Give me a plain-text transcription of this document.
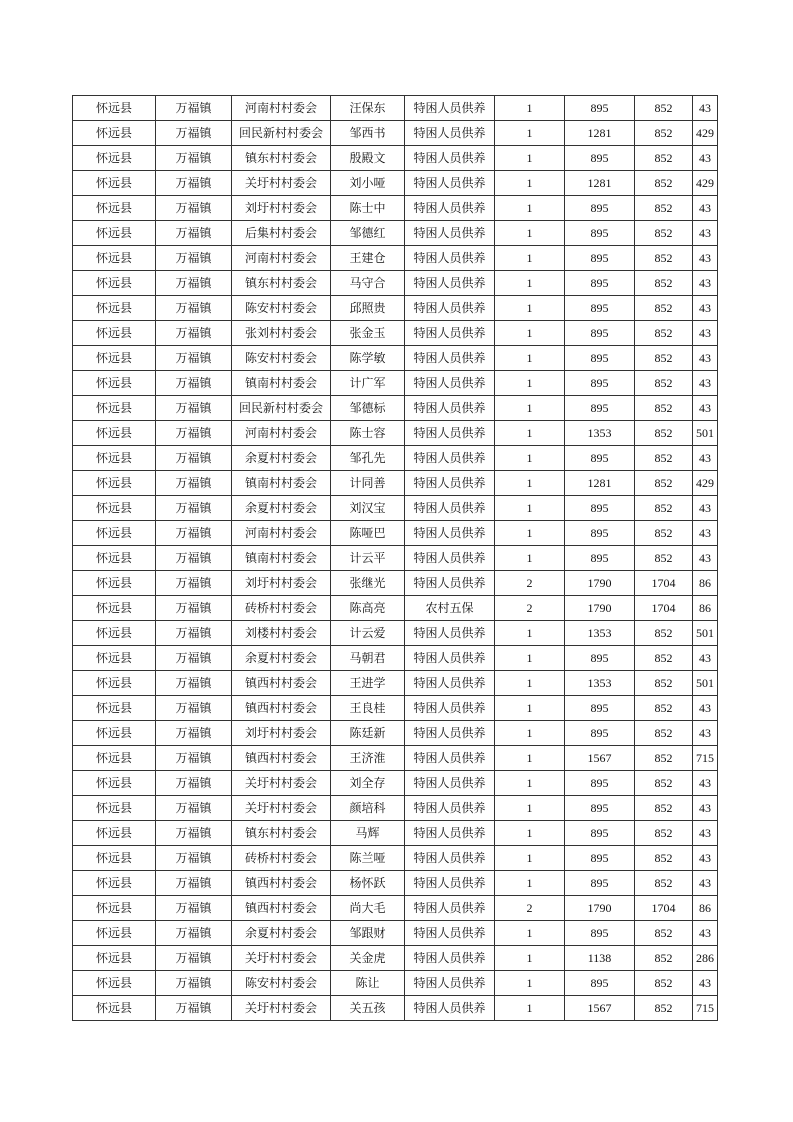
怀远县	万福镇	河南村村委会	汪保东	特困人员供养	1	895	852	43
怀远县	万福镇	回民新村村委会	邹西书	特困人员供养	1	1281	852	429
怀远县	万福镇	镇东村村委会	殷殿文	特困人员供养	1	895	852	43
怀远县	万福镇	关圩村村委会	刘小哑	特困人员供养	1	1281	852	429
怀远县	万福镇	刘圩村村委会	陈士中	特困人员供养	1	895	852	43
怀远县	万福镇	后集村村委会	邹德红	特困人员供养	1	895	852	43
怀远县	万福镇	河南村村委会	王建仓	特困人员供养	1	895	852	43
怀远县	万福镇	镇东村村委会	马守合	特困人员供养	1	895	852	43
怀远县	万福镇	陈安村村委会	邱照贵	特困人员供养	1	895	852	43
怀远县	万福镇	张刘村村委会	张金玉	特困人员供养	1	895	852	43
怀远县	万福镇	陈安村村委会	陈学敏	特困人员供养	1	895	852	43
怀远县	万福镇	镇南村村委会	计广军	特困人员供养	1	895	852	43
怀远县	万福镇	回民新村村委会	邹德标	特困人员供养	1	895	852	43
怀远县	万福镇	河南村村委会	陈士容	特困人员供养	1	1353	852	501
怀远县	万福镇	余夏村村委会	邹孔先	特困人员供养	1	895	852	43
怀远县	万福镇	镇南村村委会	计同善	特困人员供养	1	1281	852	429
怀远县	万福镇	余夏村村委会	刘汉宝	特困人员供养	1	895	852	43
怀远县	万福镇	河南村村委会	陈哑巴	特困人员供养	1	895	852	43
怀远县	万福镇	镇南村村委会	计云平	特困人员供养	1	895	852	43
怀远县	万福镇	刘圩村村委会	张继光	特困人员供养	2	1790	1704	86
怀远县	万福镇	砖桥村村委会	陈高亮	农村五保	2	1790	1704	86
怀远县	万福镇	刘楼村村委会	计云爱	特困人员供养	1	1353	852	501
怀远县	万福镇	余夏村村委会	马朝君	特困人员供养	1	895	852	43
怀远县	万福镇	镇西村村委会	王进学	特困人员供养	1	1353	852	501
怀远县	万福镇	镇西村村委会	王良桂	特困人员供养	1	895	852	43
怀远县	万福镇	刘圩村村委会	陈廷新	特困人员供养	1	895	852	43
怀远县	万福镇	镇西村村委会	王济淮	特困人员供养	1	1567	852	715
怀远县	万福镇	关圩村村委会	刘全存	特困人员供养	1	895	852	43
怀远县	万福镇	关圩村村委会	颜培科	特困人员供养	1	895	852	43
怀远县	万福镇	镇东村村委会	马辉	特困人员供养	1	895	852	43
怀远县	万福镇	砖桥村村委会	陈兰哑	特困人员供养	1	895	852	43
怀远县	万福镇	镇西村村委会	杨怀跃	特困人员供养	1	895	852	43
怀远县	万福镇	镇西村村委会	尚大毛	特困人员供养	2	1790	1704	86
怀远县	万福镇	余夏村村委会	邹跟财	特困人员供养	1	895	852	43
怀远县	万福镇	关圩村村委会	关金虎	特困人员供养	1	1138	852	286
怀远县	万福镇	陈安村村委会	陈让	特困人员供养	1	895	852	43
怀远县	万福镇	关圩村村委会	关五孩	特困人员供养	1	1567	852	715
